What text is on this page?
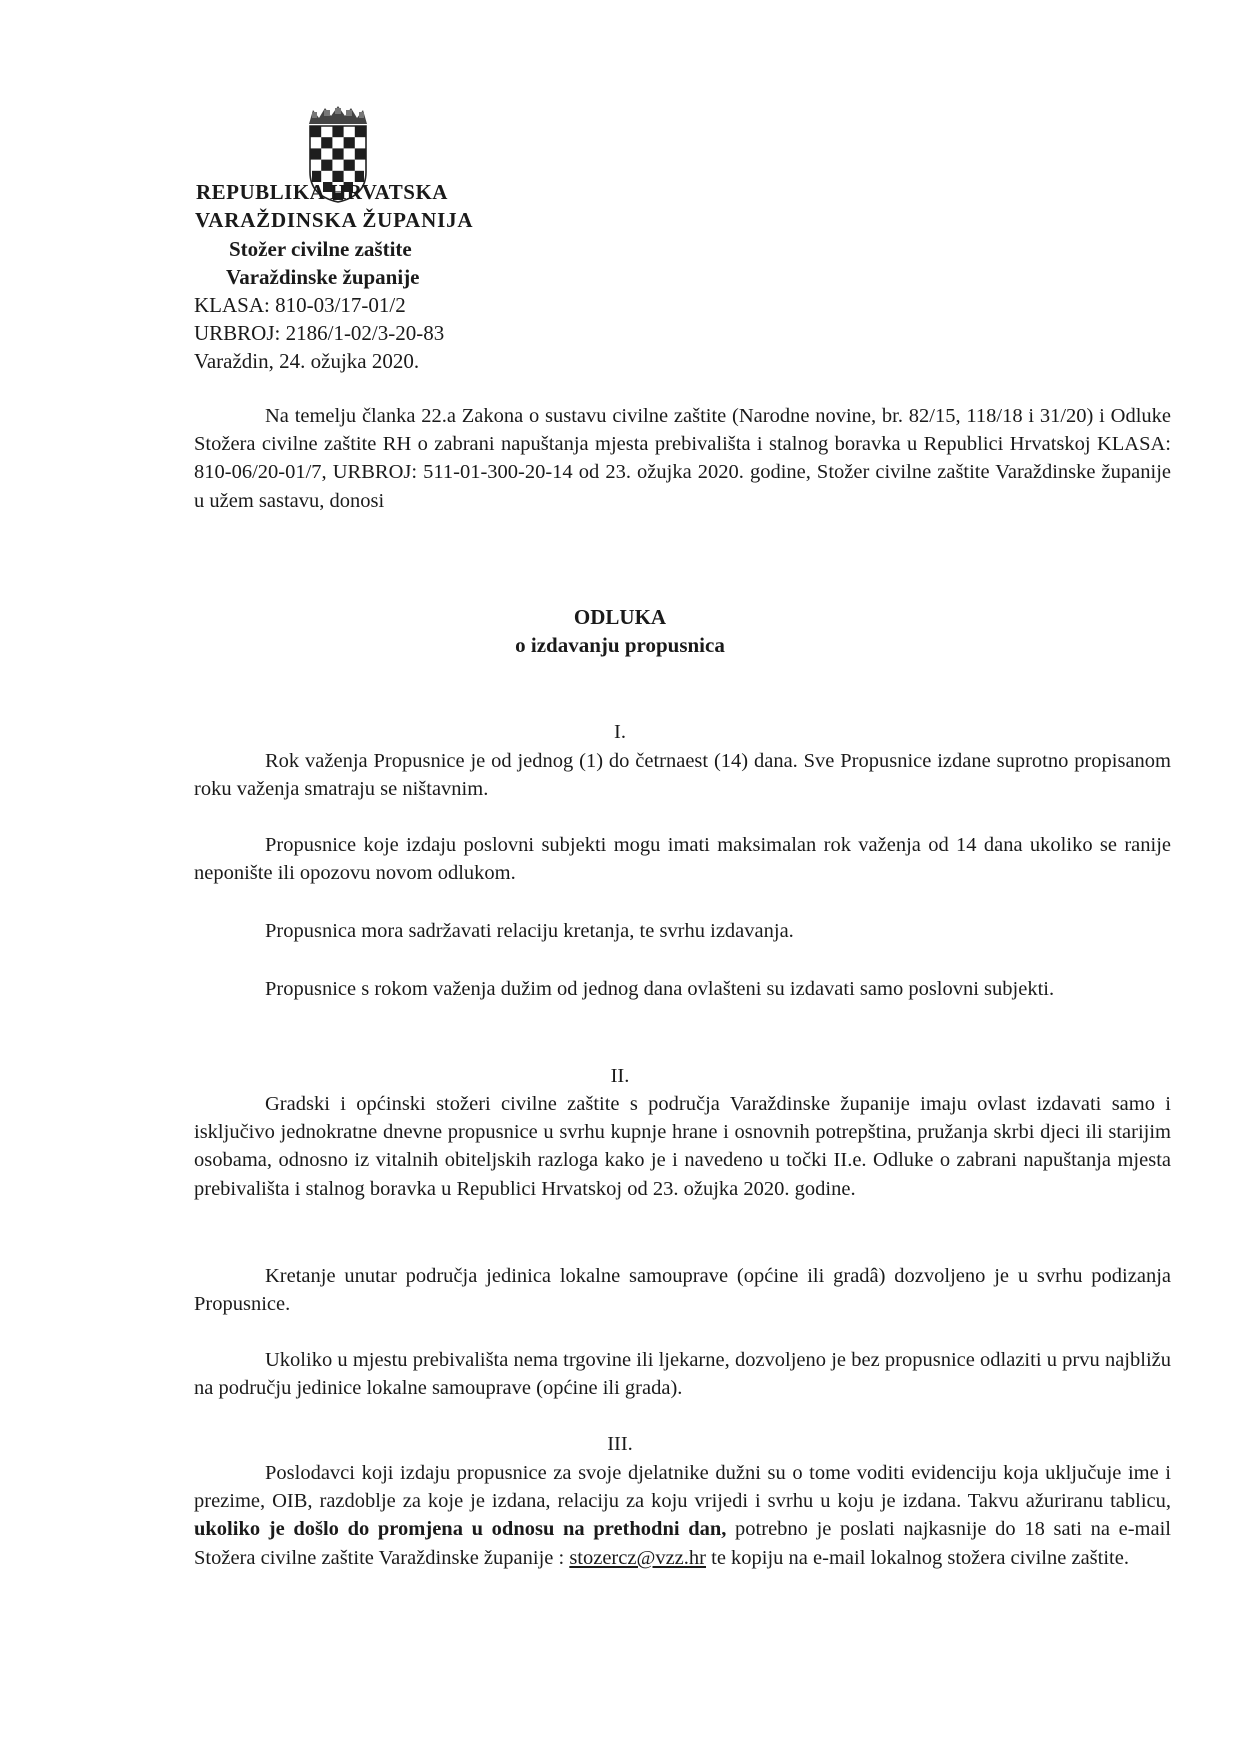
REPUBLIKA HRVATSKA
VARAŽDINSKA ŽUPANIJA
Stožer civilne zaštite
Varaždinske županije
KLASA: 810-03/17-01/2
URBROJ: 2186/1-02/3-20-83
Varaždin, 24. ožujka 2020.

Na temelju članka 22.a Zakona o sustavu civilne zaštite (Narodne novine, br. 82/15, 118/18 i 31/20) i Odluke Stožera civilne zaštite RH o zabrani napuštanja mjesta prebivališta i stalnog boravka u Republici Hrvatskoj KLASA: 810-06/20-01/7, URBROJ: 511-01-300-20-14 od 23. ožujka 2020. godine, Stožer civilne zaštite Varaždinske županije u užem sastavu, donosi

ODLUKA
o izdavanju propusnica
I.

Rok važenja Propusnice je od jednog (1) do četrnaest (14) dana. Sve Propusnice izdane suprotno propisanom roku važenja smatraju se ništavnim.

Propusnice koje izdaju poslovni subjekti mogu imati maksimalan rok važenja od 14 dana ukoliko se ranije neponište ili opozovu novom odlukom.

Propusnica mora sadržavati relaciju kretanja, te svrhu izdavanja.

Propusnice s rokom važenja dužim od jednog dana ovlašteni su izdavati samo poslovni subjekti.

II.

Gradski i općinski stožeri civilne zaštite s područja Varaždinske županije imaju ovlast izdavati samo i isključivo jednokratne dnevne propusnice u svrhu kupnje hrane i osnovnih potrepština, pružanja skrbi djeci ili starijim osobama, odnosno iz vitalnih obiteljskih razloga kako je i navedeno u točki II.e. Odluke o zabrani napuštanja mjesta prebivališta i stalnog boravka u Republici Hrvatskoj od 23. ožujka 2020. godine.

Kretanje unutar područja jedinica lokalne samouprave (općine ili gradâ) dozvoljeno je u svrhu podizanja Propusnice.

Ukoliko u mjestu prebivališta nema trgovine ili ljekarne, dozvoljeno je bez propusnice odlaziti u prvu najbližu na području jedinice lokalne samouprave (općine ili grada).

III.

Poslodavci koji izdaju propusnice za svoje djelatnike dužni su o tome voditi evidenciju koja uključuje ime i prezime, OIB, razdoblje za koje je izdana, relaciju za koju vrijedi i svrhu u koju je izdana. Takvu ažuriranu tablicu, ukoliko je došlo do promjena u odnosu na prethodni dan, potrebno je poslati najkasnije do 18 sati na e-mail Stožera civilne zaštite Varaždinske županije : stozercz@vzz.hr te kopiju na e-mail lokalnog stožera civilne zaštite.
